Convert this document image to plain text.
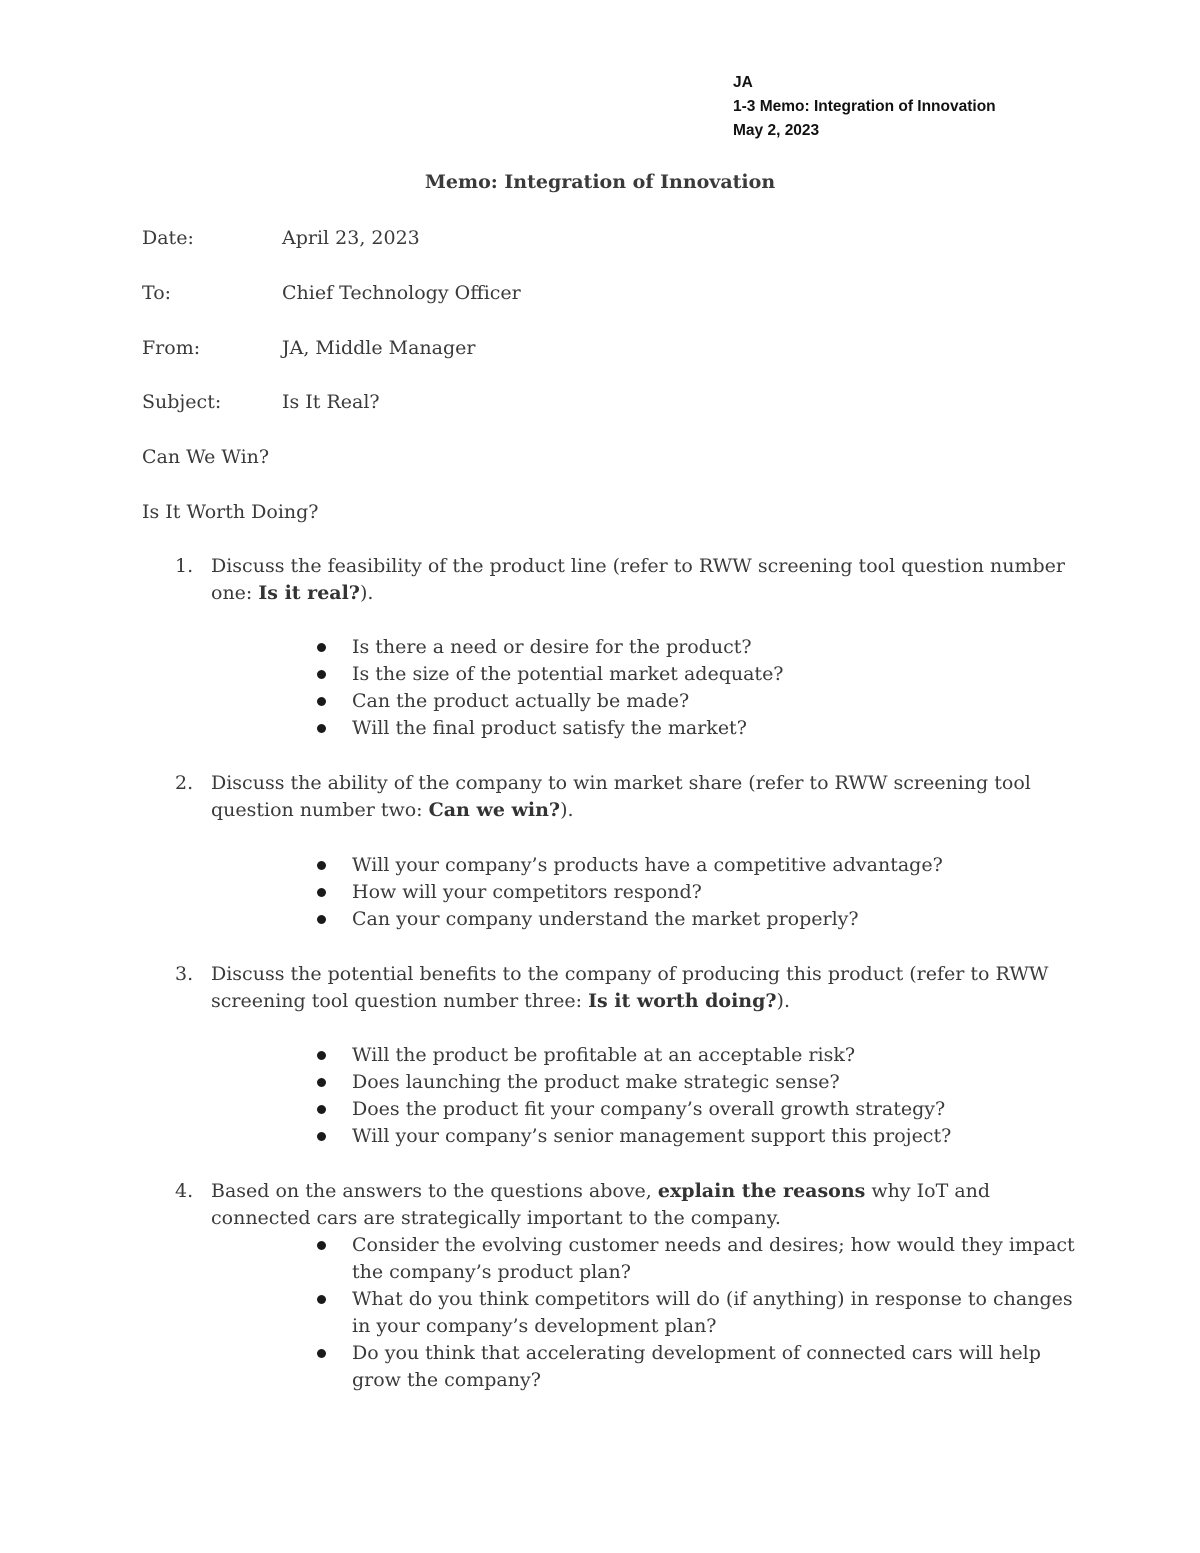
JA
1-3 Memo: Integration of Innovation
May 2, 2023
Memo: Integration of Innovation
Date:	April 23, 2023
To:	Chief Technology Officer
From:	JA, Middle Manager
Subject:	Is It Real?
Can We Win?
Is It Worth Doing?
1. Discuss the feasibility of the product line (refer to RWW screening tool question number one: Is it real?).
Is there a need or desire for the product?
Is the size of the potential market adequate?
Can the product actually be made?
Will the final product satisfy the market?
2. Discuss the ability of the company to win market share (refer to RWW screening tool question number two: Can we win?).
Will your company’s products have a competitive advantage?
How will your competitors respond?
Can your company understand the market properly?
3. Discuss the potential benefits to the company of producing this product (refer to RWW screening tool question number three: Is it worth doing?).
Will the product be profitable at an acceptable risk?
Does launching the product make strategic sense?
Does the product fit your company’s overall growth strategy?
Will your company’s senior management support this project?
4. Based on the answers to the questions above, explain the reasons why IoT and connected cars are strategically important to the company.
Consider the evolving customer needs and desires; how would they impact the company’s product plan?
What do you think competitors will do (if anything) in response to changes in your company’s development plan?
Do you think that accelerating development of connected cars will help grow the company?
